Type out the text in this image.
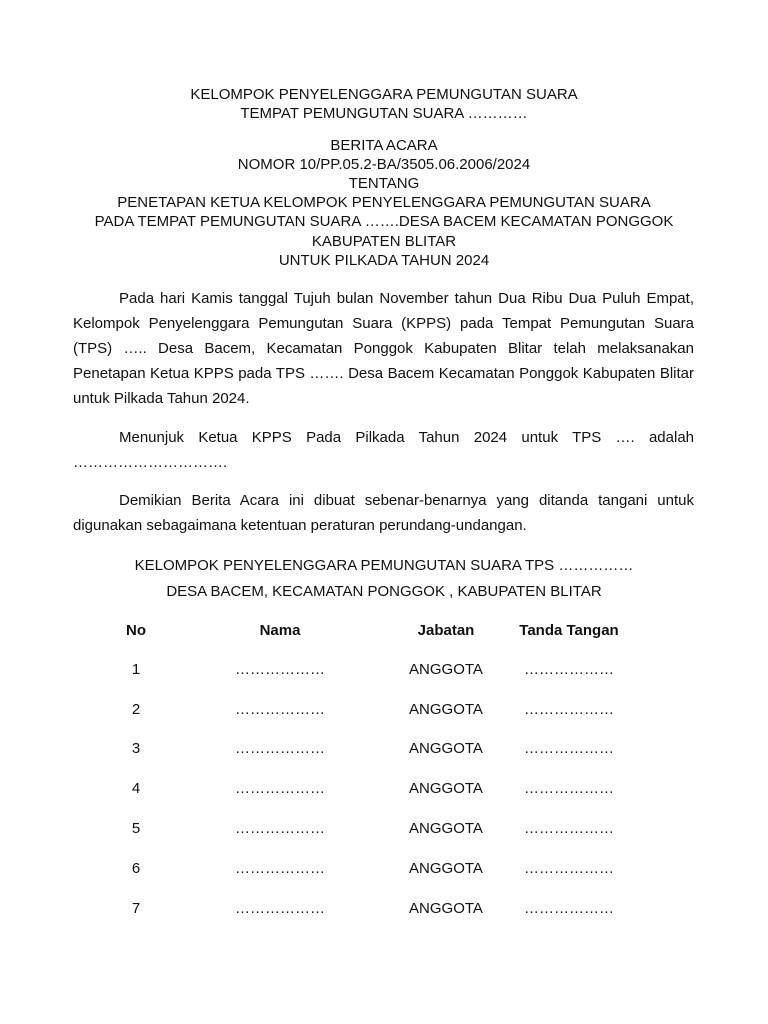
KELOMPOK PENYELENGGARA PEMUNGUTAN SUARA
TEMPAT PEMUNGUTAN SUARA …………
BERITA ACARA
NOMOR 10/PP.05.2-BA/3505.06.2006/2024
TENTANG
PENETAPAN KETUA KELOMPOK PENYELENGGARA PEMUNGUTAN SUARA
PADA TEMPAT PEMUNGUTAN SUARA …….DESA BACEM KECAMATAN PONGGOK
KABUPATEN BLITAR
UNTUK PILKADA TAHUN 2024
Pada hari Kamis tanggal Tujuh bulan November tahun Dua Ribu Dua Puluh Empat, Kelompok Penyelenggara Pemungutan Suara (KPPS) pada Tempat Pemungutan Suara (TPS) ….. Desa Bacem, Kecamatan Ponggok Kabupaten Blitar telah melaksanakan Penetapan Ketua KPPS pada TPS ……. Desa Bacem Kecamatan Ponggok Kabupaten Blitar untuk Pilkada Tahun 2024.
Menunjuk Ketua KPPS Pada Pilkada Tahun 2024 untuk TPS …. adalah ………………………….
Demikian Berita Acara ini dibuat sebenar-benarnya yang ditanda tangani untuk digunakan sebagaimana ketentuan peraturan perundang-undangan.
KELOMPOK PENYELENGGARA PEMUNGUTAN SUARA TPS ……………
DESA BACEM, KECAMATAN PONGGOK , KABUPATEN BLITAR
No	Nama	Jabatan	Tanda Tangan
1	………………	ANGGOTA	………………
2	………………	ANGGOTA	………………
3	………………	ANGGOTA	………………
4	………………	ANGGOTA	………………
5	………………	ANGGOTA	………………
6	………………	ANGGOTA	………………
7	………………	ANGGOTA	………………
